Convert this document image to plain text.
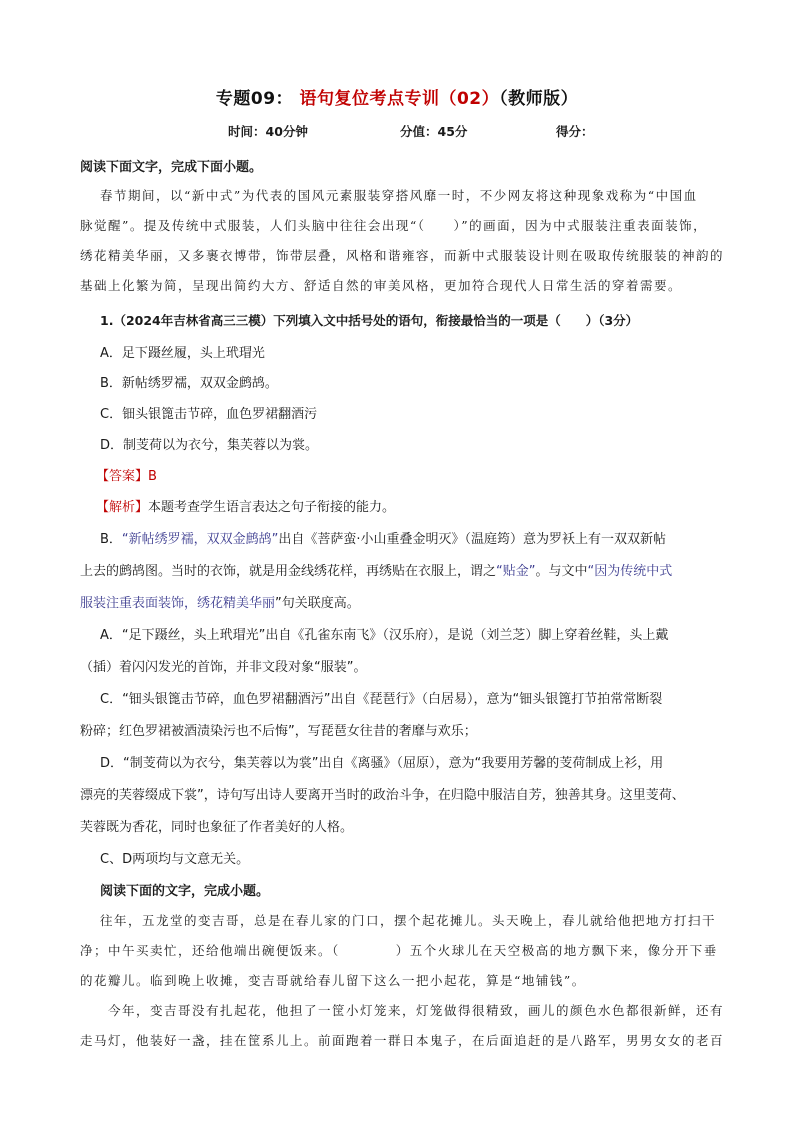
专题09： 语句复位考点专训（02）（教师版）
时间：40分钟	分值：45分	得分：
阅读下面文字，完成下面小题。
春节期间，以“新中式”为代表的国风元素服装穿搭风靡一时，不少网友将这种现象戏称为“中国血
脉觉醒”。提及传统中式服装，人们头脑中往往会出现“（　　）”的画面，因为中式服装注重表面装饰，
绣花精美华丽，又多裹衣博带，饰带层叠，风格和谐雍容，而新中式服装设计则在吸取传统服装的神韵的
基础上化繁为简，呈现出简约大方、舒适自然的审美风格，更加符合现代人日常生活的穿着需要。
1.（2024年吉林省高三三模）下列填入文中括号处的语句，衔接最恰当的一项是（　　）（3分）
A．足下蹑丝履，头上玳瑁光
B．新帖绣罗襦，双双金鹧鸪。
C．钿头银篦击节碎，血色罗裙翻酒污
D．制芰荷以为衣兮，集芙蓉以为裳。
【答案】B
【解析】本题考查学生语言表达之句子衔接的能力。
B．“新帖绣罗襦，双双金鹧鸪”出自《菩萨蛮·小山重叠金明灭》（温庭筠）意为罗袄上有一双双新帖
上去的鹧鸪图。当时的衣饰，就是用金线绣花样，再绣贴在衣服上，谓之“贴金”。与文中“因为传统中式
服装注重表面装饰，绣花精美华丽”句关联度高。
A．“足下蹑丝，头上玳瑁光”出自《孔雀东南飞》（汉乐府），是说（刘兰芝）脚上穿着丝鞋，头上戴
（插）着闪闪发光的首饰，并非文段对象“服装”。
C．“钿头银篦击节碎，血色罗裙翻酒污”出自《琵琶行》（白居易），意为“钿头银篦打节拍常常断裂
粉碎；红色罗裙被酒渍染污也不后悔”，写琵琶女往昔的奢靡与欢乐；
D．“制芰荷以为衣兮，集芙蓉以为裳”出自《离骚》（屈原），意为“我要用芳馨的芰荷制成上衫，用
漂亮的芙蓉缀成下裳”，诗句写出诗人要离开当时的政治斗争，在归隐中服洁自芳，独善其身。这里芰荷、
芙蓉既为香花，同时也象征了作者美好的人格。
C、D两项均与文意无关。
阅读下面的文字，完成小题。
往年，五龙堂的变吉哥，总是在春儿家的门口，摆个起花摊儿。头天晚上，春儿就给他把地方打扫干
净；中午买卖忙，还给他端出碗便饭来。（　　　　）五个火球儿在天空极高的地方飘下来，像分开下垂
的花瓣儿。临到晚上收摊，变吉哥就给春儿留下这么一把小起花，算是“地铺钱”。
　　今年，变吉哥没有扎起花，他担了一筐小灯笼来，灯笼做得很精致，画儿的颜色水色都很新鲜，还有
走马灯，他装好一盏，挂在筐系儿上。前面跑着一群日本鬼子，在后面追赶的是八路军，男男女女的老百
